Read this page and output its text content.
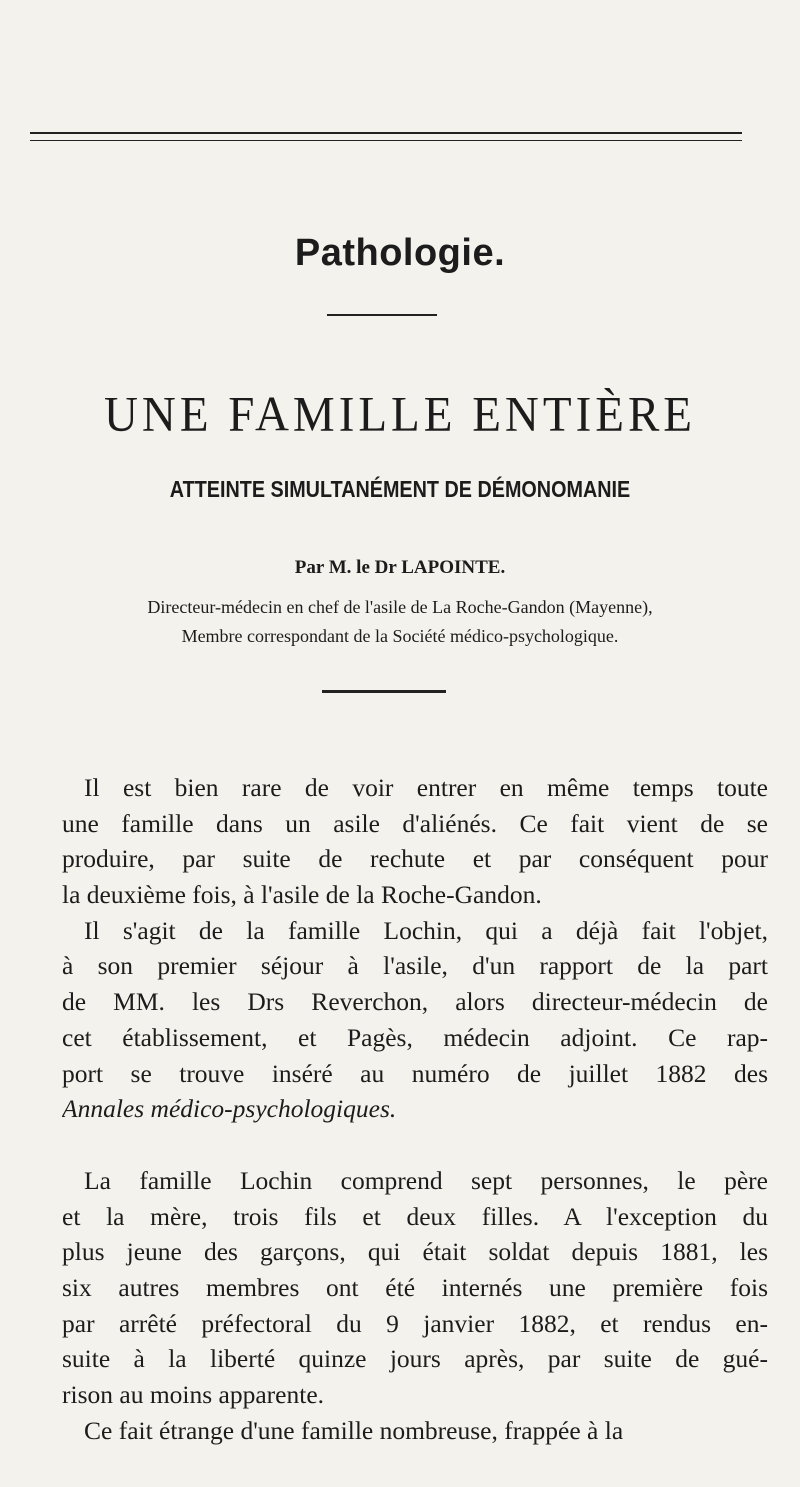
Pathologie.
UNE FAMILLE ENTIÈRE
ATTEINTE SIMULTANÉMENT DE DÉMONOMANIE
Par M. le Dr LAPOINTE.
Directeur-médecin en chef de l'asile de La Roche-Gandon (Mayenne),
Membre correspondant de la Société médico-psychologique.
Il est bien rare de voir entrer en même temps toute
une famille dans un asile d'aliénés. Ce fait vient de se
produire, par suite de rechute et par conséquent pour
la deuxième fois, à l'asile de la Roche-Gandon.
Il s'agit de la famille Lochin, qui a déjà fait l'objet,
à son premier séjour à l'asile, d'un rapport de la part
de MM. les Drs Reverchon, alors directeur-médecin de
cet établissement, et Pagès, médecin adjoint. Ce rap-
port se trouve inséré au numéro de juillet 1882 des
Annales médico-psychologiques.
La famille Lochin comprend sept personnes, le père
et la mère, trois fils et deux filles. A l'exception du
plus jeune des garçons, qui était soldat depuis 1881, les
six autres membres ont été internés une première fois
par arrêté préfectoral du 9 janvier 1882, et rendus en-
suite à la liberté quinze jours après, par suite de gué-
rison au moins apparente.
Ce fait étrange d'une famille nombreuse, frappée à la
